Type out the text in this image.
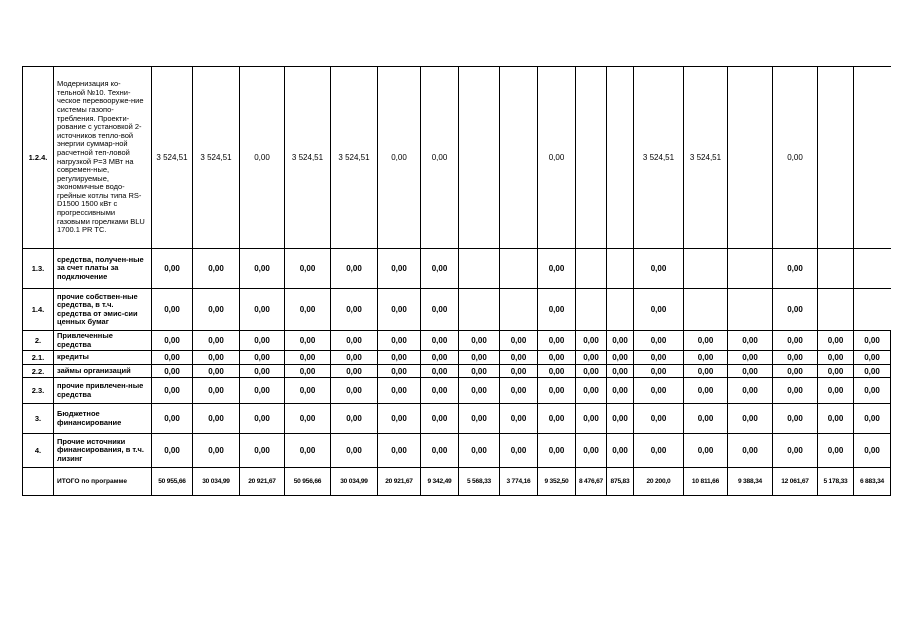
1.2.4.	Модернизация ко-тельной №10. Техни-ческое перевооруже-ние системы газопо-требления. Проекти-рование с установкой 2- источников тепло-вой энергии суммар-ной расчетной теп-ловой нагрузкой Р=3 МВт на современ-ные, регулируемые, экономичные водо-грейные котлы типа RS-D1500 1500 кВт с прогрессивными газовыми горелками BLU 1700.1 PR TC.	3 524,51	3 524,51	0,00	3 524,51	3 524,51	0,00	0,00			0,00			3 524,51	3 524,51		0,00		
1.3.	средства, получен-ные за счет платы за подключение	0,00	0,00	0,00	0,00	0,00	0,00	0,00			0,00			0,00			0,00		
1.4.	прочие собствен-ные средства, в т.ч. средства от эмис-сии ценных бумаг	0,00	0,00	0,00	0,00	0,00	0,00	0,00			0,00			0,00			0,00		
2.	Привлеченные средства	0,00	0,00	0,00	0,00	0,00	0,00	0,00	0,00	0,00	0,00	0,00	0,00	0,00	0,00	0,00	0,00	0,00	0,00
2.1.	кредиты	0,00	0,00	0,00	0,00	0,00	0,00	0,00	0,00	0,00	0,00	0,00	0,00	0,00	0,00	0,00	0,00	0,00	0,00
2.2.	займы организаций	0,00	0,00	0,00	0,00	0,00	0,00	0,00	0,00	0,00	0,00	0,00	0,00	0,00	0,00	0,00	0,00	0,00	0,00
2.3.	прочие привлечен-ные средства	0,00	0,00	0,00	0,00	0,00	0,00	0,00	0,00	0,00	0,00	0,00	0,00	0,00	0,00	0,00	0,00	0,00	0,00
3.	Бюджетное финансирование	0,00	0,00	0,00	0,00	0,00	0,00	0,00	0,00	0,00	0,00	0,00	0,00	0,00	0,00	0,00	0,00	0,00	0,00
4.	Прочие источники финансирования, в т.ч. лизинг	0,00	0,00	0,00	0,00	0,00	0,00	0,00	0,00	0,00	0,00	0,00	0,00	0,00	0,00	0,00	0,00	0,00	0,00
	ИТОГО по программе	50 955,66	30 034,99	20 921,67	50 956,66	30 034,99	20 921,67	9 342,49	5 568,33	3 774,16	9 352,50	8 476,67	875,83	20 200,0	10 811,66	9 388,34	12 061,67	5 178,33	6 883,34
